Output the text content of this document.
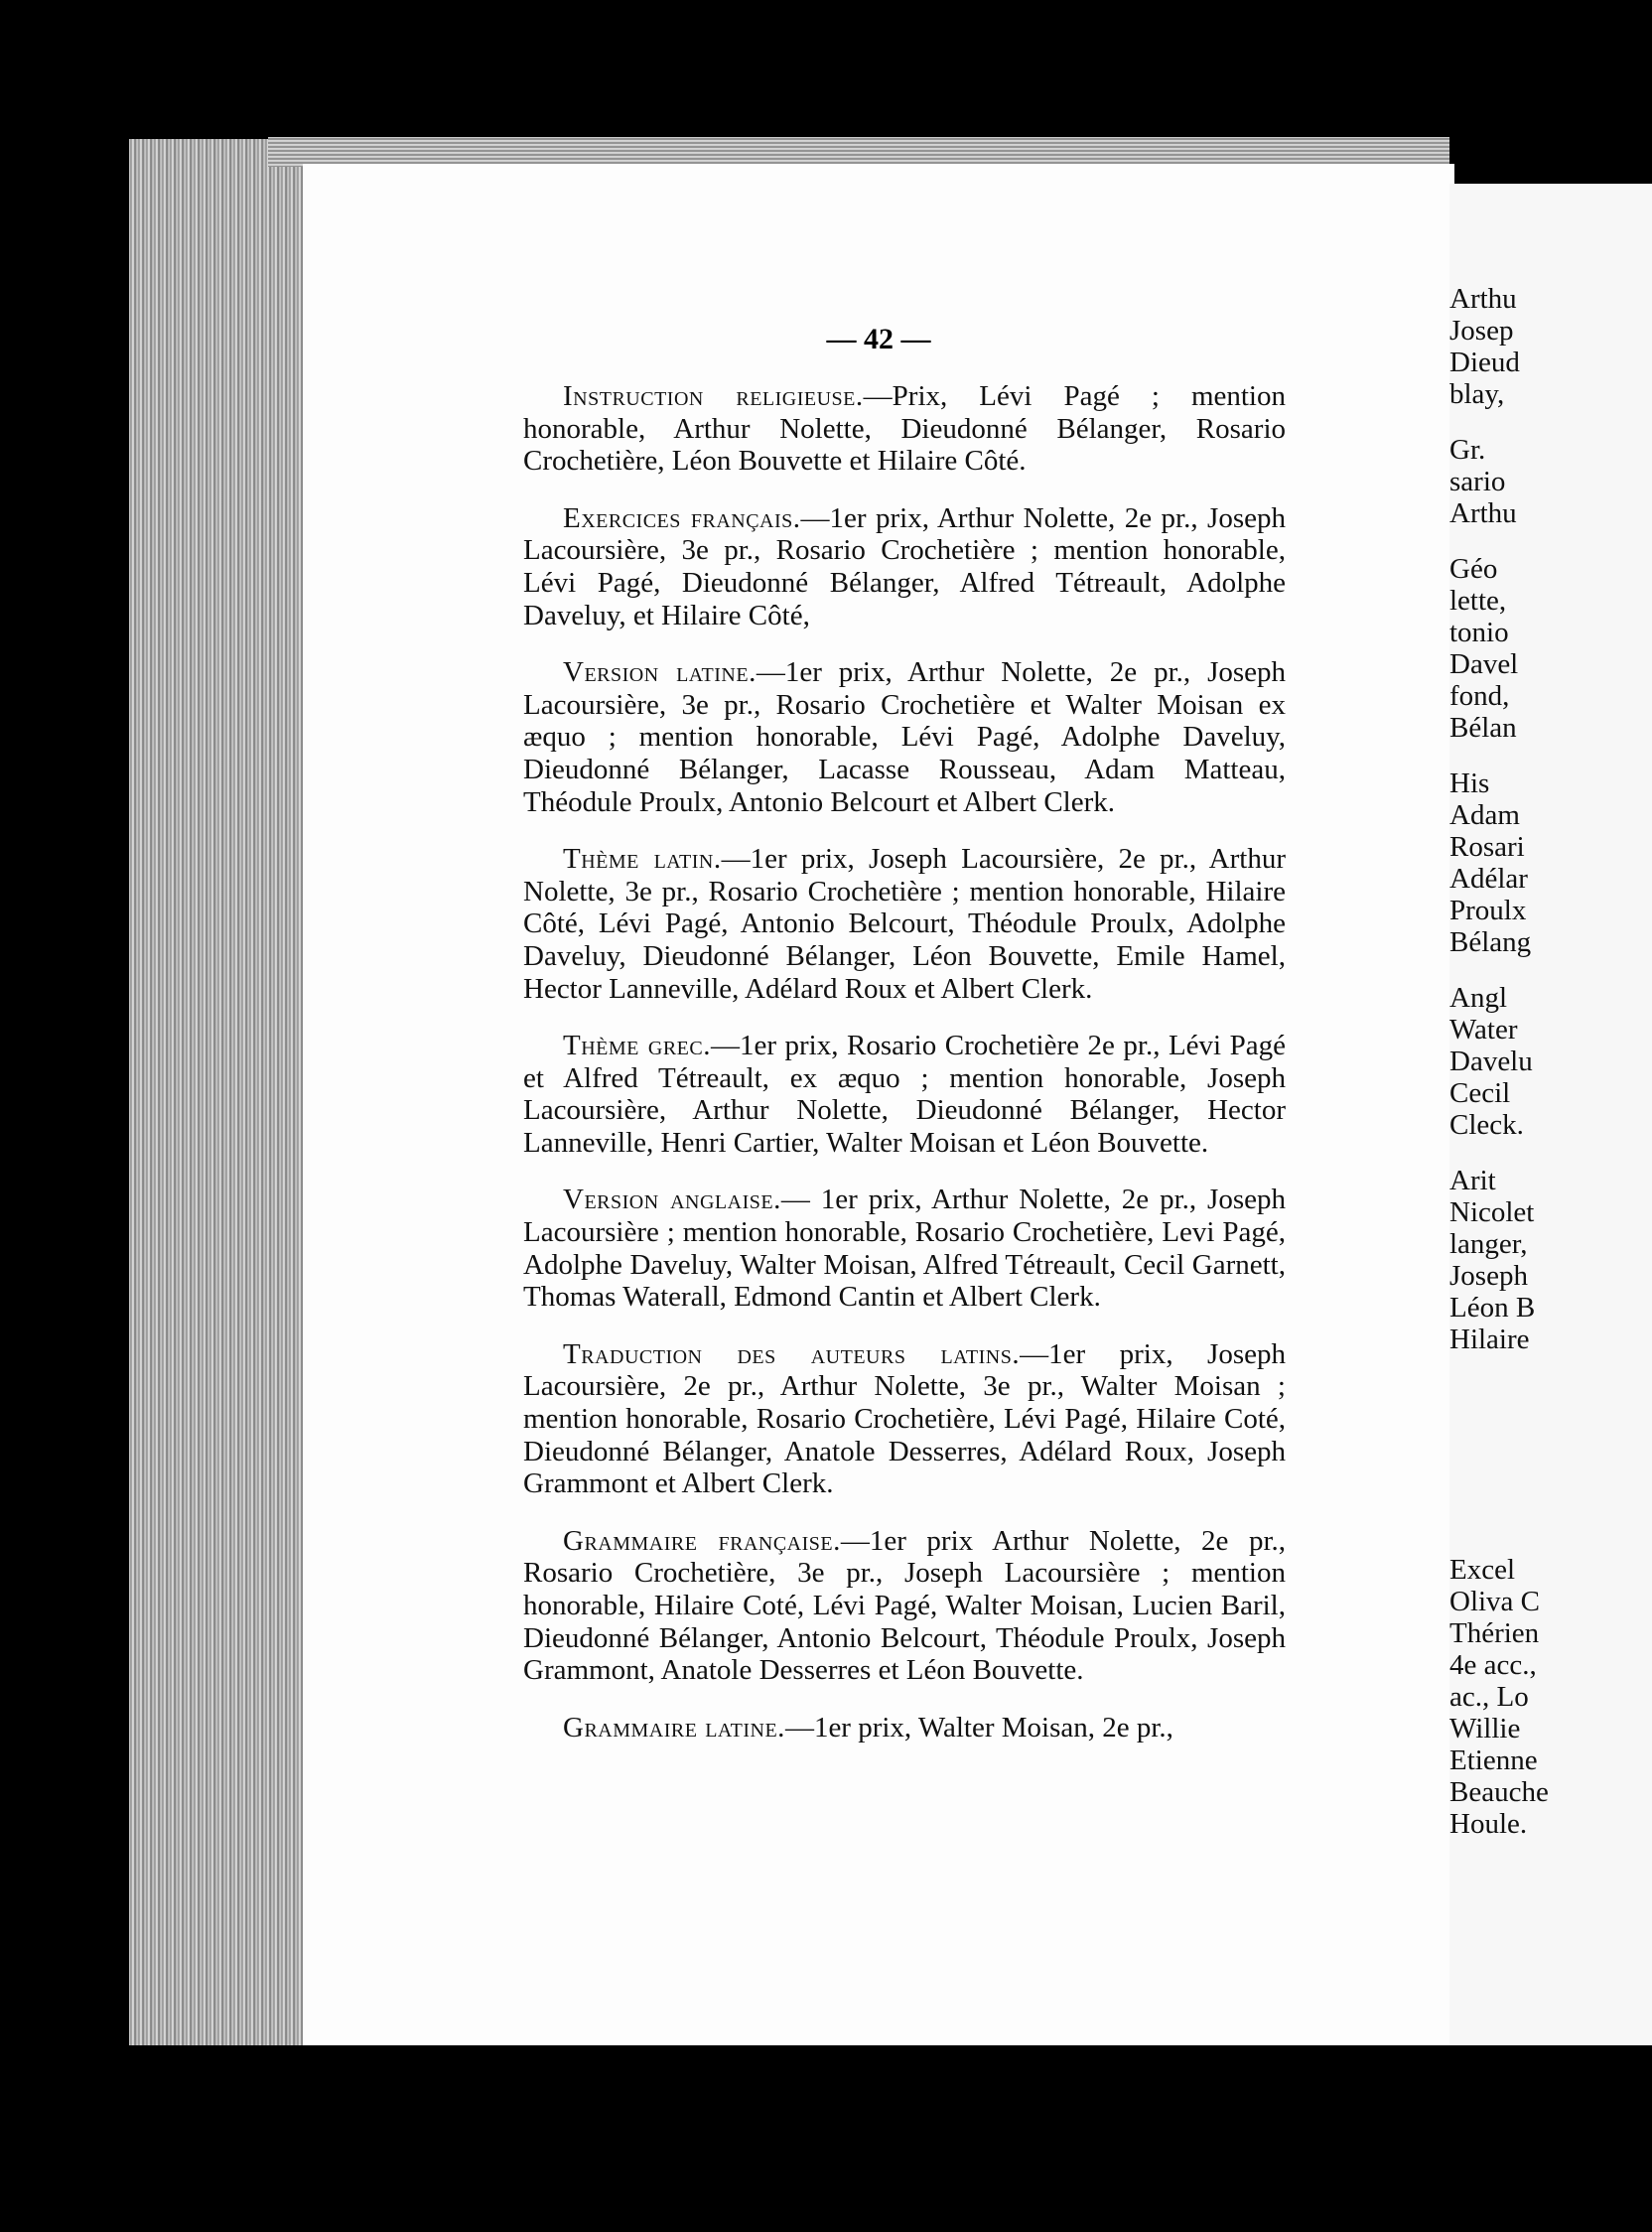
— 42 —

Instruction religieuse.—Prix, Lévi Pagé ; mention honorable, Arthur Nolette, Dieudonné Bélanger, Rosario Crochetière, Léon Bouvette et Hilaire Côté.

Exercices français.—1er prix, Arthur Nolette, 2e pr., Joseph Lacoursière, 3e pr., Rosario Crochetière ; mention honorable, Lévi Pagé, Dieudonné Bélanger, Alfred Tétreault, Adolphe Daveluy, et Hilaire Côté,

Version latine.—1er prix, Arthur Nolette, 2e pr., Joseph Lacoursière, 3e pr., Rosario Crochetière et Walter Moisan ex æquo ; mention honorable, Lévi Pagé, Adolphe Daveluy, Dieudonné Bélanger, Lacasse Rousseau, Adam Matteau, Théodule Proulx, Antonio Belcourt et Albert Clerk.

Thème latin.—1er prix, Joseph Lacoursière, 2e pr., Arthur Nolette, 3e pr., Rosario Crochetière ; mention honorable, Hilaire Côté, Lévi Pagé, Antonio Belcourt, Théodule Proulx, Adolphe Daveluy, Dieudonné Bélanger, Léon Bouvette, Emile Hamel, Hector Lanneville, Adélard Roux et Albert Clerk.

Thème grec.—1er prix, Rosario Crochetière 2e pr., Lévi Pagé et Alfred Tétreault, ex æquo ; mention honorable, Joseph Lacoursière, Arthur Nolette, Dieudonné Bélanger, Hector Lanneville, Henri Cartier, Walter Moisan et Léon Bouvette.

Version anglaise.— 1er prix, Arthur Nolette, 2e pr., Joseph Lacoursière ; mention honorable, Rosario Crochetière, Levi Pagé, Adolphe Daveluy, Walter Moisan, Alfred Tétreault, Cecil Garnett, Thomas Waterall, Edmond Cantin et Albert Clerk.

Traduction des auteurs latins.—1er prix, Joseph Lacoursière, 2e pr., Arthur Nolette, 3e pr., Walter Moisan ; mention honorable, Rosario Crochetière, Lévi Pagé, Hilaire Coté, Dieudonné Bélanger, Anatole Desserres, Adélard Roux, Joseph Grammont et Albert Clerk.

Grammaire française.—1er prix Arthur Nolette, 2e pr., Rosario Crochetière, 3e pr., Joseph Lacoursière ; mention honorable, Hilaire Coté, Lévi Pagé, Walter Moisan, Lucien Baril, Dieudonné Bélanger, Antonio Belcourt, Théodule Proulx, Joseph Grammont, Anatole Desserres et Léon Bouvette.

Grammaire latine.—1er prix, Walter Moisan, 2e pr.,

Arthu

Josep

Dieud

blay,

Gr.

sario

Arthu

Géo

lette,

tonio

Davel

fond,

Bélan

His

Adam

Rosari

Adélar

Proulx

Bélang

Angl

Water

Davelu

Cecil

Cleck.

Arit

Nicolet

langer,

Joseph

Léon B

Hilaire

Excel

Oliva C

Thérien

4e acc.,

ac., Lo

Willie

Etienne

Beauche

Houle.
